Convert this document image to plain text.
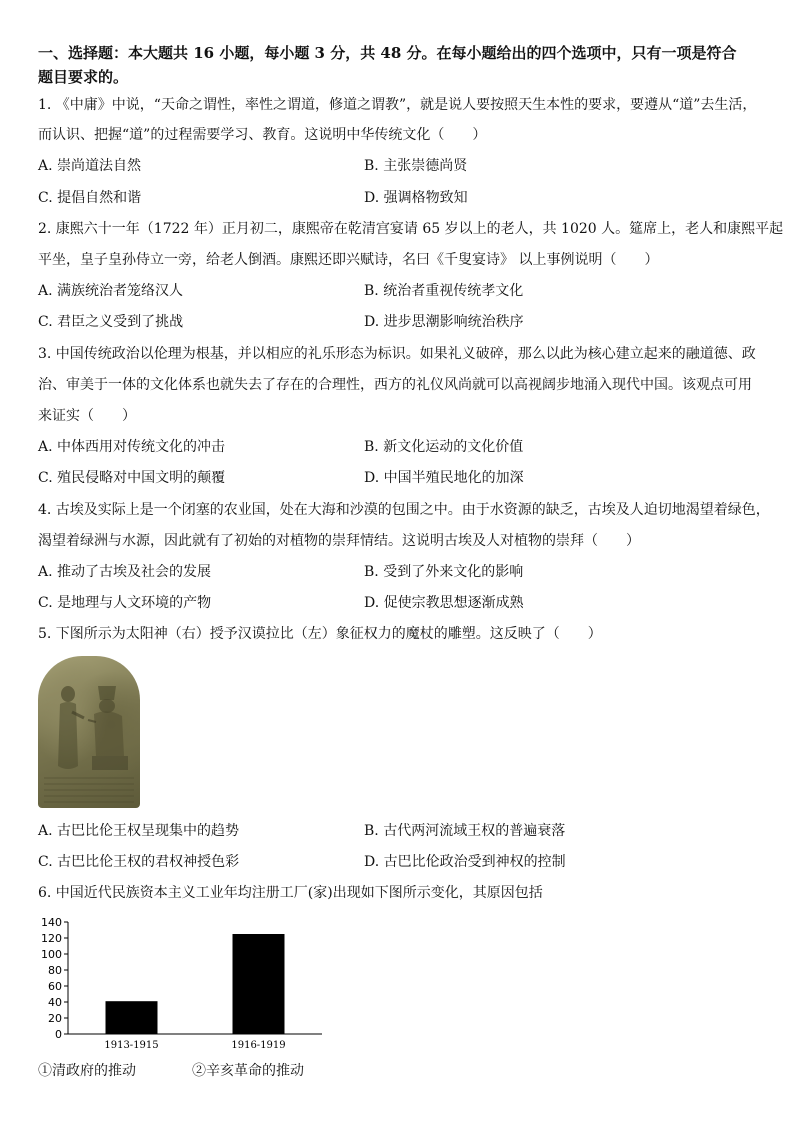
一、选择题：本大题共 16 小题，每小题 3 分，共 48 分。在每小题给出的四个选项中，只有一项是符合
题目要求的。
1. 《中庸》中说，“天命之谓性，率性之谓道，修道之谓教”，就是说人要按照天生本性的要求，要遵从“道”去生活，
而认识、把握“道”的过程需要学习、教育。这说明中华传统文化（　　）
A. 崇尚道法自然	B. 主张崇德尚贤
C. 提倡自然和谐	D. 强调格物致知
2. 康熙六十一年（1722 年）正月初二，康熙帝在乾清宫宴请 65 岁以上的老人，共 1020 人。筵席上，老人和康熙平起
平坐，皇子皇孙侍立一旁，给老人倒酒。康熙还即兴赋诗，名曰《千叟宴诗》 以上事例说明（　　）
A. 满族统治者笼络汉人	B. 统治者重视传统孝文化
C. 君臣之义受到了挑战	D. 进步思潮影响统治秩序
3. 中国传统政治以伦理为根基，并以相应的礼乐形态为标识。如果礼义破碎，那么以此为核心建立起来的融道德、政
治、审美于一体的文化体系也就失去了存在的合理性，西方的礼仪风尚就可以高视阔步地涌入现代中国。该观点可用
来证实（　　）
A. 中体西用对传统文化的冲击	B. 新文化运动的文化价值
C. 殖民侵略对中国文明的颠覆	D. 中国半殖民地化的加深
4. 古埃及实际上是一个闭塞的农业国，处在大海和沙漠的包围之中。由于水资源的缺乏，古埃及人迫切地渴望着绿色，
渴望着绿洲与水源，因此就有了初始的对植物的崇拜情结。这说明古埃及人对植物的崇拜（　　）
A. 推动了古埃及社会的发展	B. 受到了外来文化的影响
C. 是地理与人文环境的产物	D. 促使宗教思想逐渐成熟
5. 下图所示为太阳神（右）授予汉谟拉比（左）象征权力的魔杖的雕塑。这反映了（　　）
A. 古巴比伦王权呈现集中的趋势	B. 古代两河流域王权的普遍衰落
C. 古巴比伦王权的君权神授色彩	D. 古巴比伦政治受到神权的控制
6. 中国近代民族资本主义工业年均注册工厂(家)出现如下图所示变化，其原因包括
0
20
40
60
80
100
120
140
1913-1915	1916-1919
①清政府的推动	②辛亥革命的推动
